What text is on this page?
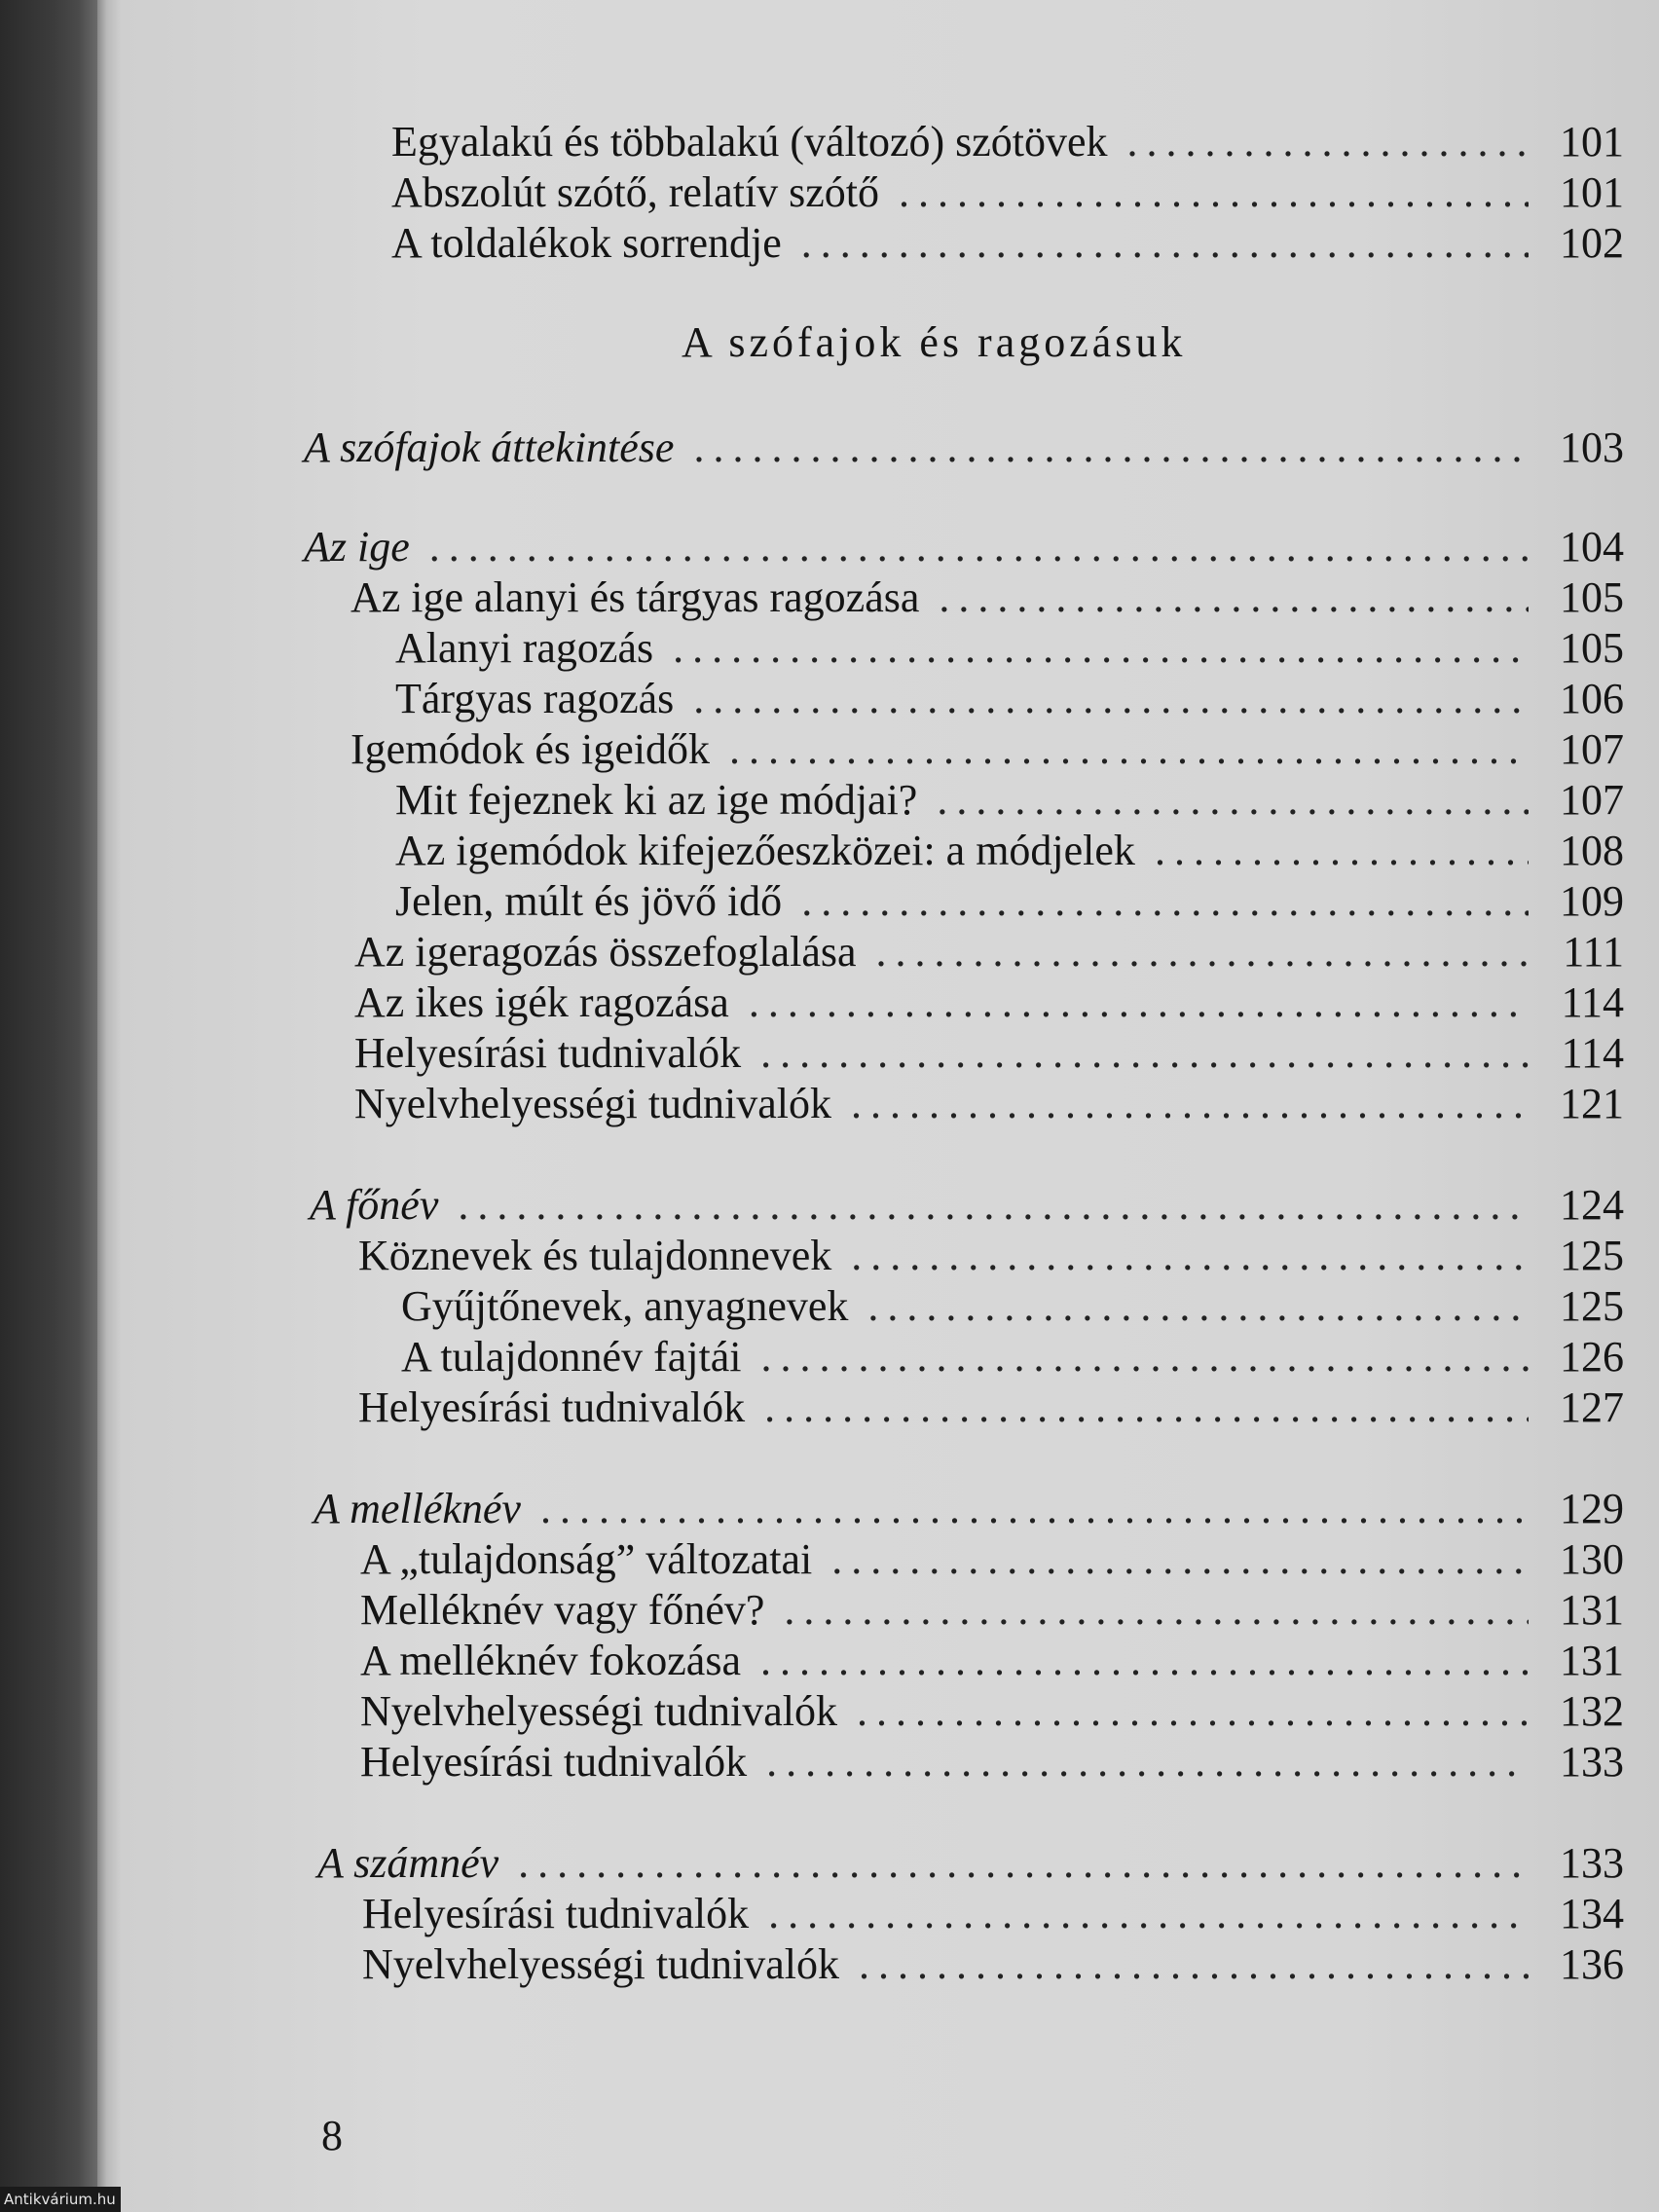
Egyalakú és többalakú (változó) szótövek .....	101
Abszolút szótő, relatív szótő .....	101
A toldalékok sorrendje .....	102
A szófajok és ragozásuk
A szófajok áttekintése .....	103
Az ige .....	104
Az ige alanyi és tárgyas ragozása .....	105
Alanyi ragozás .....	105
Tárgyas ragozás .....	106
Igemódok és igeidők .....	107
Mit fejeznek ki az ige módjai? .....	107
Az igemódok kifejezőeszközei: a módjelek .....	108
Jelen, múlt és jövő idő .....	109
Az igeragozás összefoglalása .....	111
Az ikes igék ragozása .....	114
Helyesírási tudnivalók .....	114
Nyelvhelyességi tudnivalók .....	121
A főnév .....	124
Köznevek és tulajdonnevek .....	125
Gyűjtőnevek, anyagnevek .....	125
A tulajdonnév fajtái .....	126
Helyesírási tudnivalók .....	127
A melléknév .....	129
A „tulajdonság” változatai .....	130
Melléknév vagy főnév? .....	131
A melléknév fokozása .....	131
Nyelvhelyességi tudnivalók .....	132
Helyesírási tudnivalók .....	133
A számnév .....	133
Helyesírási tudnivalók .....	134
Nyelvhelyességi tudnivalók .....	136
8
Antikvárium.hu
